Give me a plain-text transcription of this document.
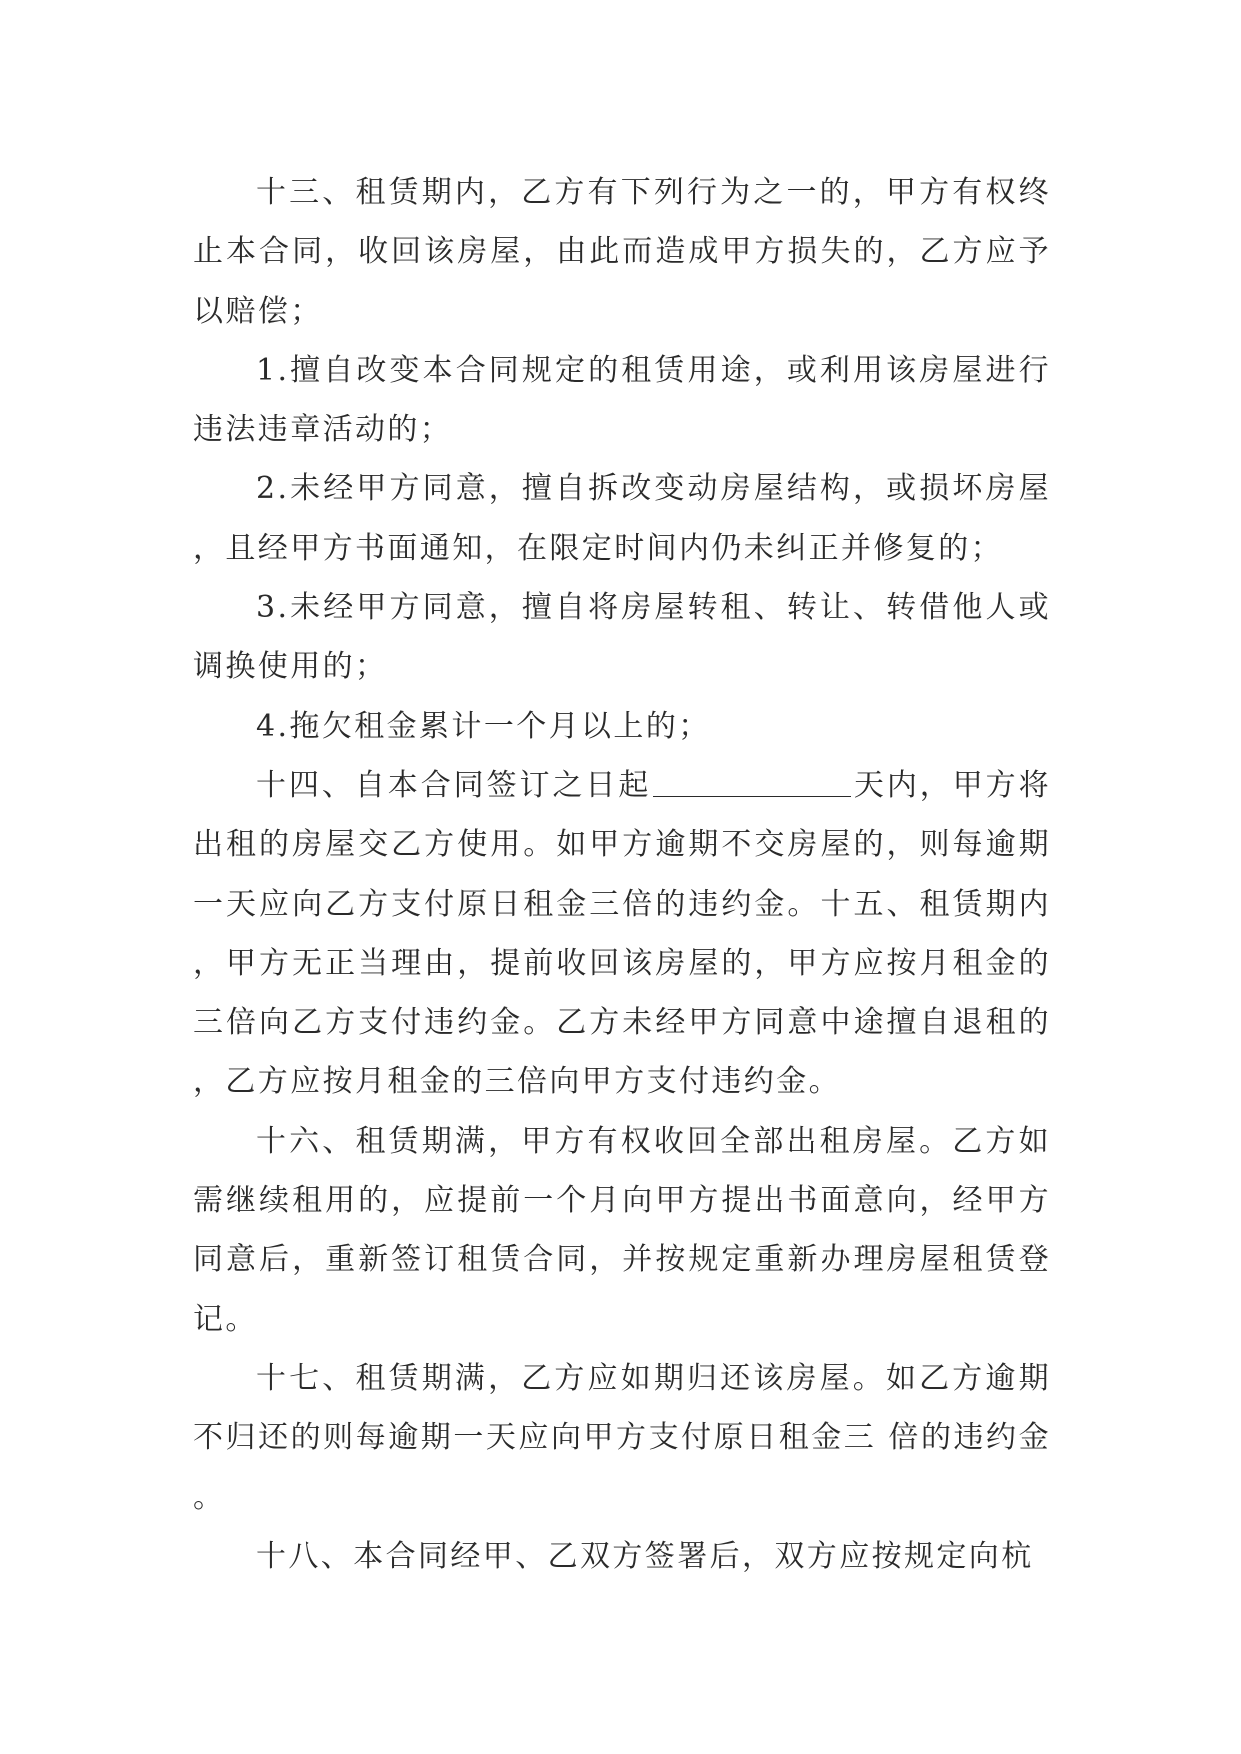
十三、租赁期内，乙方有下列行为之一的，甲方有权终止本合同，收回该房屋，由此而造成甲方损失的，乙方应予以赔偿；

1.擅自改变本合同规定的租赁用途，或利用该房屋进行违法违章活动的；

2.未经甲方同意，擅自拆改变动房屋结构，或损坏房屋，且经甲方书面通知，在限定时间内仍未纠正并修复的；

3.未经甲方同意，擅自将房屋转租、转让、转借他人或调换使用的；

4.拖欠租金累计一个月以上的；

十四、自本合同签订之日起	天内，甲方将出租的房屋交乙方使用。如甲方逾期不交房屋的，则每逾期一天应向乙方支付原日租金三倍的违约金。十五、租赁期内，甲方无正当理由，提前收回该房屋的，甲方应按月租金的三倍向乙方支付违约金。乙方未经甲方同意中途擅自退租的，乙方应按月租金的三倍向甲方支付违约金。

十六、租赁期满，甲方有权收回全部出租房屋。乙方如需继续租用的，应提前一个月向甲方提出书面意向，经甲方同意后，重新签订租赁合同，并按规定重新办理房屋租赁登记。

十七、租赁期满，乙方应如期归还该房屋。如乙方逾期不归还的则每逾期一天应向甲方支付原日租金三 倍的违约金。

十八、本合同经甲、乙双方签署后，双方应按规定向杭
